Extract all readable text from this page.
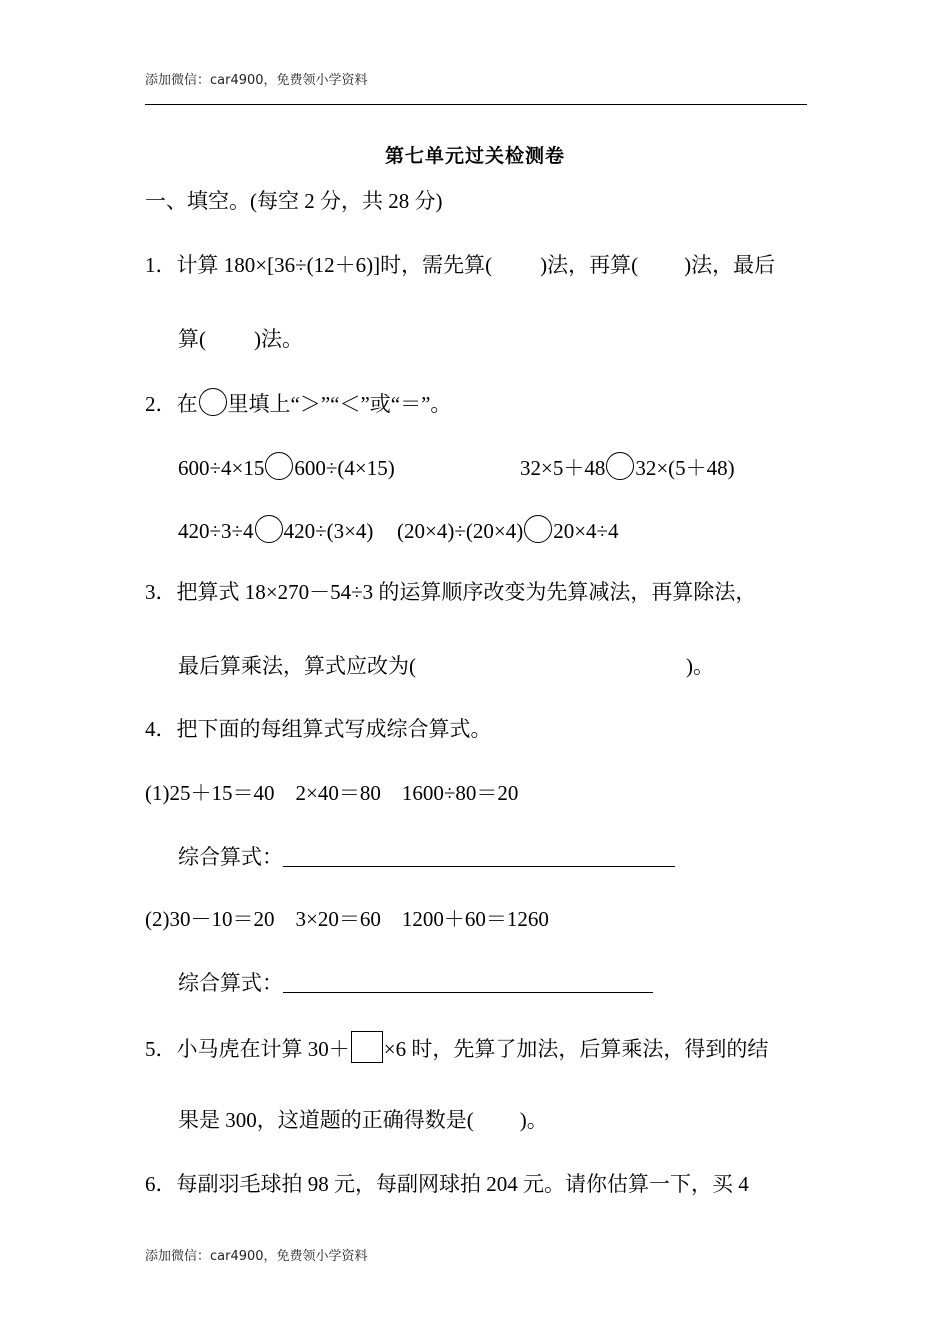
添加微信：car4900，免费领小学资料
第七单元过关检测卷
一、填空。(每空 2 分，共 28 分)
1．计算 180×[36÷(12＋6)]时，需先算( )法，再算( )法，最后
算( )法。
2．在 里填上“＞”“＜”或“＝”。
600÷4×15 600÷(4×15)	32×5＋48 32×(5＋48)
420÷3÷4 420÷(3×4) (20×4)÷(20×4) 20×4÷4
3．把算式 18×270－54÷3 的运算顺序改变为先算减法，再算除法，
最后算乘法，算式应改为(	)。
4．把下面的每组算式写成综合算式。
(1)25＋15＝40　2×40＝80　1600÷80＝20
综合算式：
(2)30－10＝20　3×20＝60　1200＋60＝1260
综合算式：
5．小马虎在计算 30＋ ×6 时，先算了加法，后算乘法，得到的结
果是 300，这道题的正确得数是( )。
6．每副羽毛球拍 98 元，每副网球拍 204 元。请你估算一下，买 4
添加微信：car4900，免费领小学资料
